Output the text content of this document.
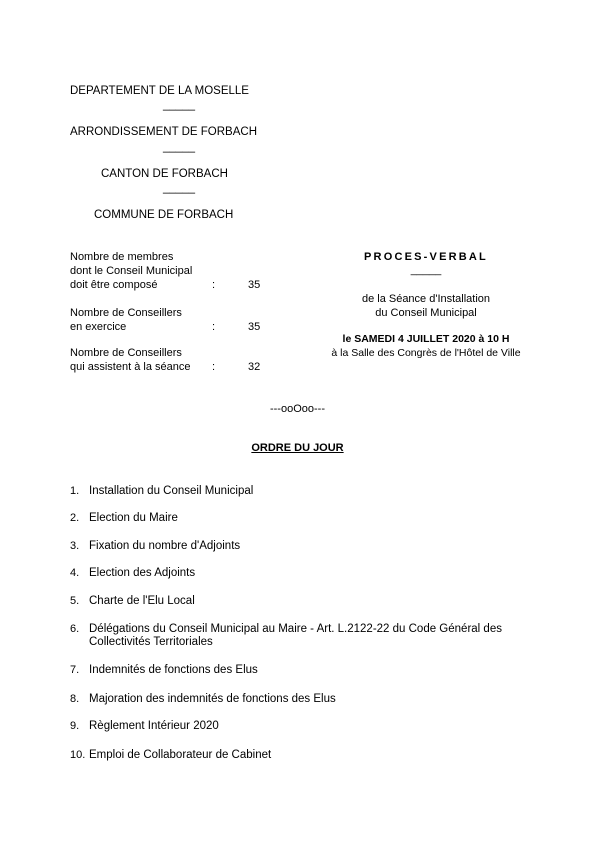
DEPARTEMENT DE LA MOSELLE
_____
ARRONDISSEMENT DE FORBACH
_____
CANTON DE FORBACH
_____
COMMUNE DE FORBACH
Nombre de membres
dont le Conseil Municipal
doit être composé	:	35
Nombre de Conseillers
en exercice	:	35
Nombre de Conseillers
qui assistent à la séance :	32
PROCES-VERBAL
_____
de la Séance d'Installation
du Conseil Municipal
le SAMEDI 4 JUILLET 2020 à 10 H
à la Salle des Congrès de l'Hôtel de Ville
---ooOoo---
ORDRE DU JOUR
1. Installation du Conseil Municipal
2. Election du Maire
3. Fixation du nombre d'Adjoints
4. Election des Adjoints
5. Charte de l'Elu Local
6. Délégations du Conseil Municipal au Maire - Art. L.2122-22 du Code Général des Collectivités Territoriales
7. Indemnités de fonctions des Elus
8. Majoration des indemnités de fonctions des Elus
9. Règlement Intérieur 2020
10. Emploi de Collaborateur de Cabinet
